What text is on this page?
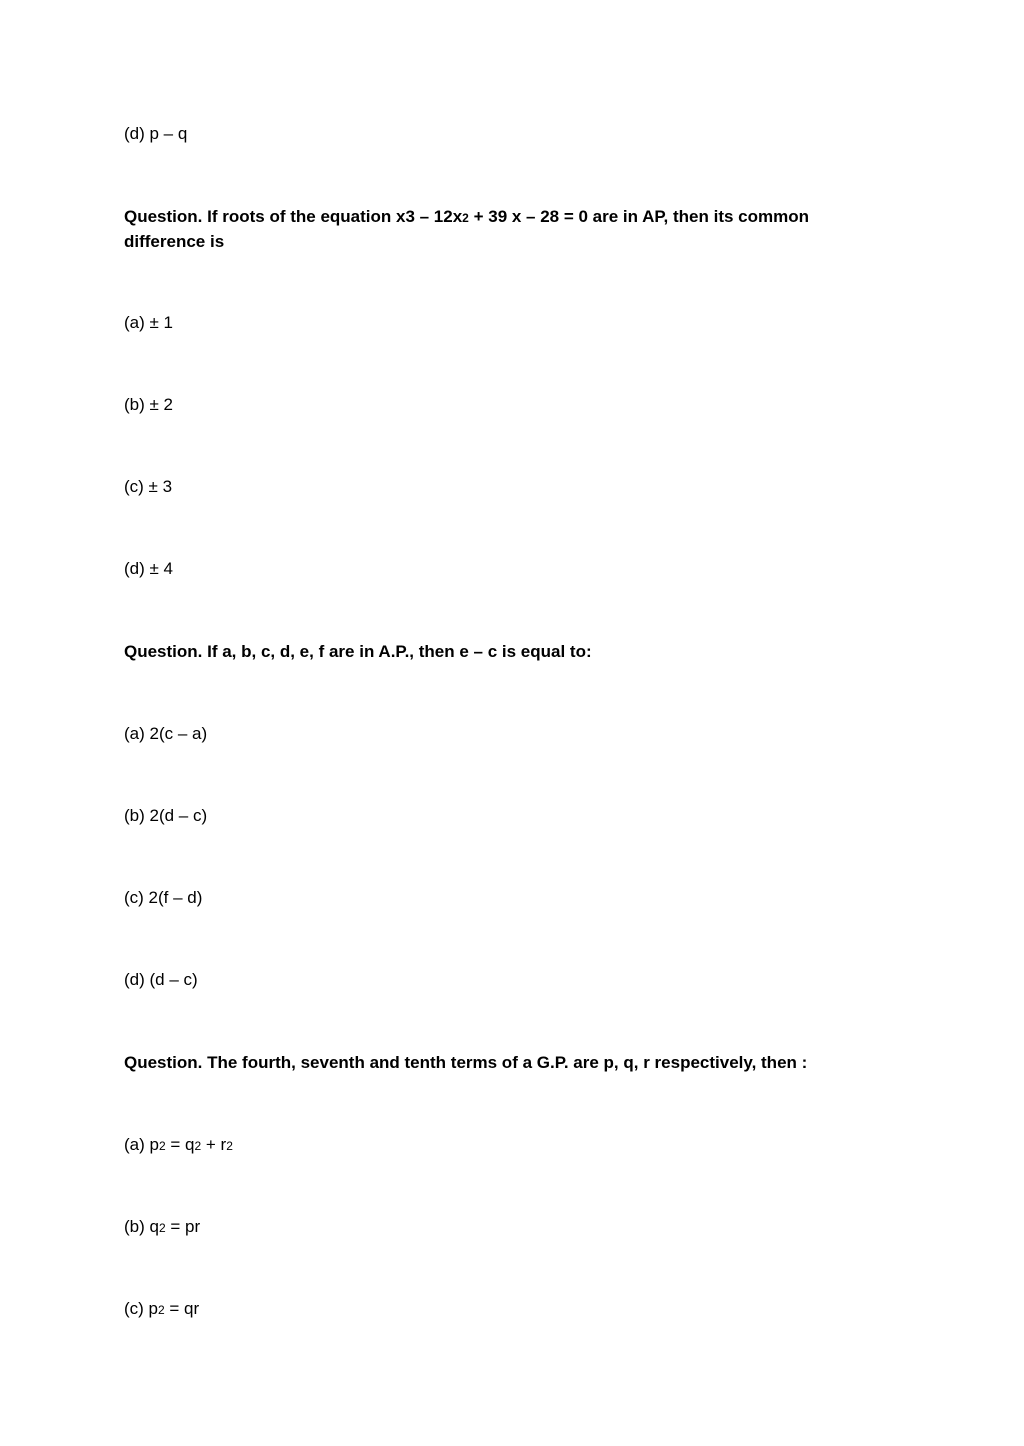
(d) p – q
Question. If roots of the equation x3 – 12x2 + 39 x – 28 = 0 are in AP, then its common difference is
(a) ± 1
(b) ± 2
(c) ± 3
(d) ± 4
Question. If a, b, c, d, e, f are in A.P., then e – c is equal to:
(a) 2(c – a)
(b) 2(d – c)
(c) 2(f – d)
(d) (d – c)
Question. The fourth, seventh and tenth terms of a G.P. are p, q, r respectively, then :
(a) p2 = q2 + r2
(b) q2 = pr
(c) p2 = qr
